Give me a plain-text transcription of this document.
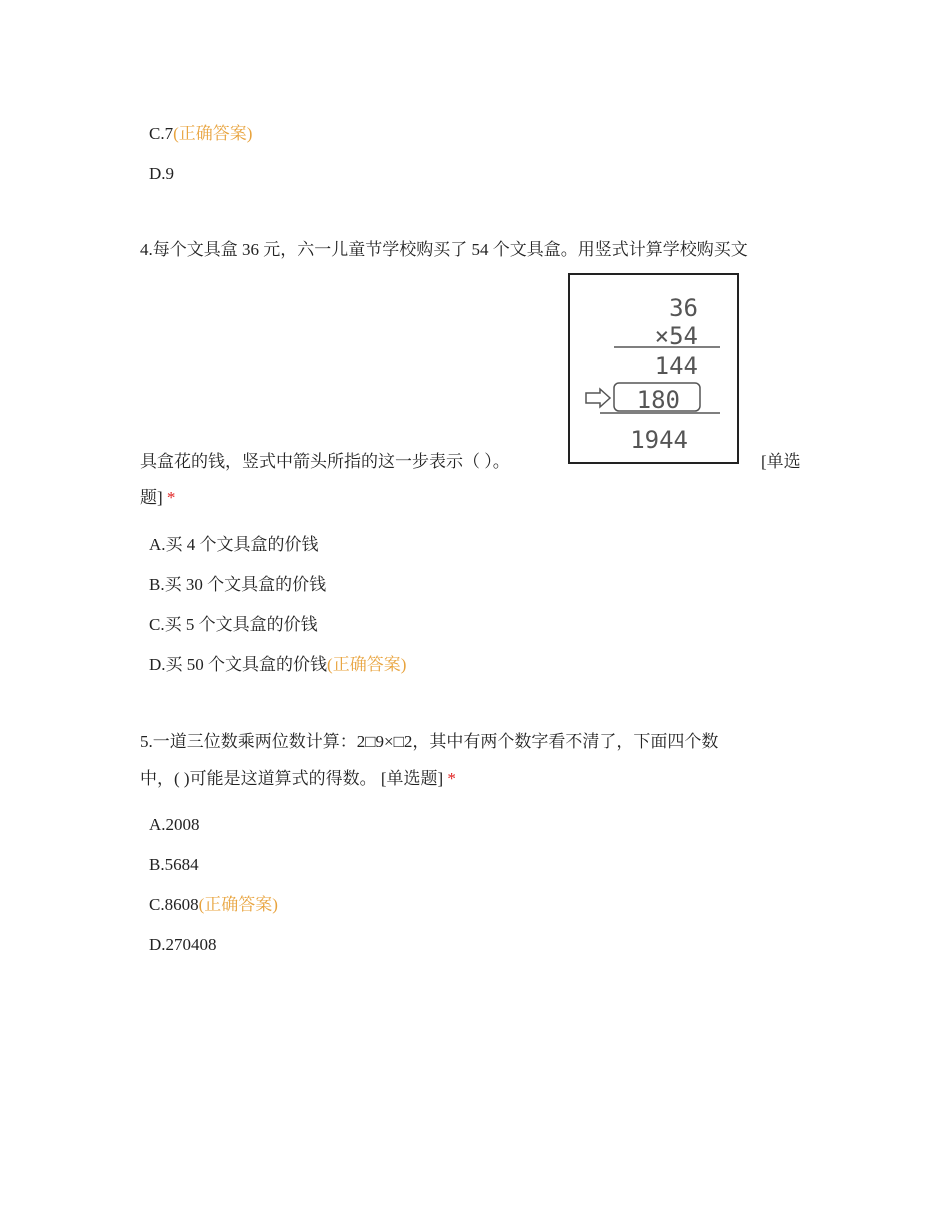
C.7(正确答案)
D.9
4.每个文具盒 36 元，六一儿童节学校购买了 54 个文具盒。用竖式计算学校购买文
36
×54
144
180
1944
具盒花的钱，竖式中箭头所指的这一步表示（ ）。	[单选
题] *
A.买 4 个文具盒的价钱
B.买 30 个文具盒的价钱
C.买 5 个文具盒的价钱
D.买 50 个文具盒的价钱(正确答案)
5.一道三位数乘两位数计算：2□9×□2，其中有两个数字看不清了，下面四个数
中，( )可能是这道算式的得数。 [单选题] *
A.2008
B.5684
C.8608(正确答案)
D.270408
